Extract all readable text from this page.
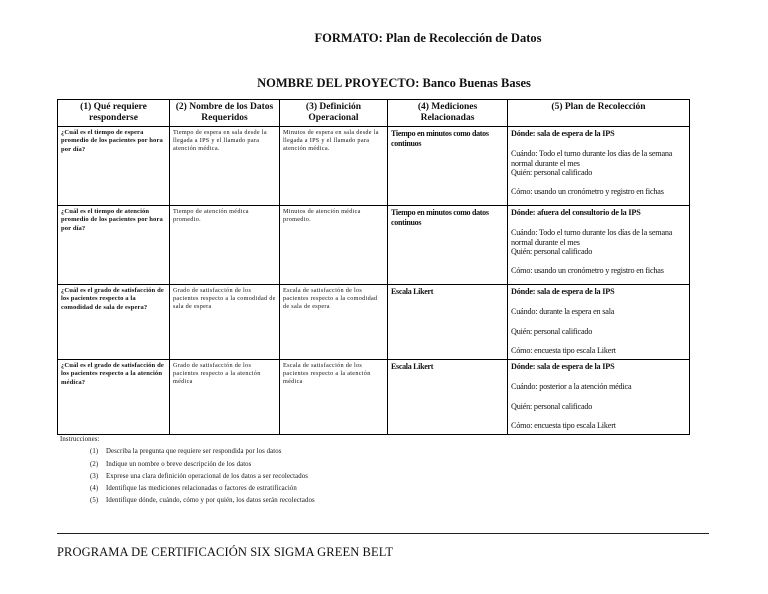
FORMATO: Plan de Recolección de Datos
NOMBRE DEL PROYECTO: Banco Buenas Bases
(1) Qué requiere responderse	(2) Nombre de los Datos Requeridos	(3) Definición Operacional	(4) Mediciones Relacionadas	(5) Plan de Recolección
¿Cuál es el tiempo de espera promedio de los pacientes por hora por día?	Tiempo de espera en sala desde la llegada a IPS y el llamado para atención médica.	Minutos de espera en sala desde la llegada a IPS y el llamado para atención médica.	Tiempo en minutos como datos continuos	Dónde: sala de espera de la IPS
Cuándo: Todo el turno durante los días de la semana normal durante el mes
Quién: personal calificado
Cómo: usando un cronómetro y registro en fichas

¿Cuál es el tiempo de atención promedio de los pacientes por hora por día?	Tiempo de atención médica promedio.	Minutos de atención médica promedio.	Tiempo en minutos como datos continuos	Dónde: afuera del consultorio de la IPS
Cuándo: Todo el turno durante los días de la semana normal durante el mes
Quién: personal calificado
Cómo: usando un cronómetro y registro en fichas

¿Cuál es el grado de satisfacción de los pacientes respecto a la comodidad de sala de espera?	Grado de satisfacción de los pacientes respecto a la comodidad de sala de espera	Escala de satisfacción de los pacientes respecto a la comodidad de sala de espera	Escala Likert	Dónde: sala de espera de la IPS
Cuándo: durante la espera en sala
Quién: personal calificado
Cómo: encuesta tipo escala Likert

¿Cuál es el grado de satisfacción de los pacientes respecto a la atención médica?	Grado de satisfacción de los pacientes respecto a la atención médica	Escala de satisfacción de los pacientes respecto a la atención médica	Escala Likert	Dónde: sala de espera de la IPS
Cuándo: posterior a la atención médica
Quién: personal calificado
Cómo: encuesta tipo escala Likert
Instrucciones:
(1) Describa la pregunta que requiere ser respondida por los datos
(2) Indique un nombre o breve descripción de los datos
(3) Exprese una clara definición operacional de los datos a ser recolectados
(4) Identifique las mediciones relacionadas o factores de estratificación
(5) Identifique dónde, cuándo, cómo y por quién, los datos serán recolectados
PROGRAMA DE CERTIFICACIÓN SIX SIGMA GREEN BELT
